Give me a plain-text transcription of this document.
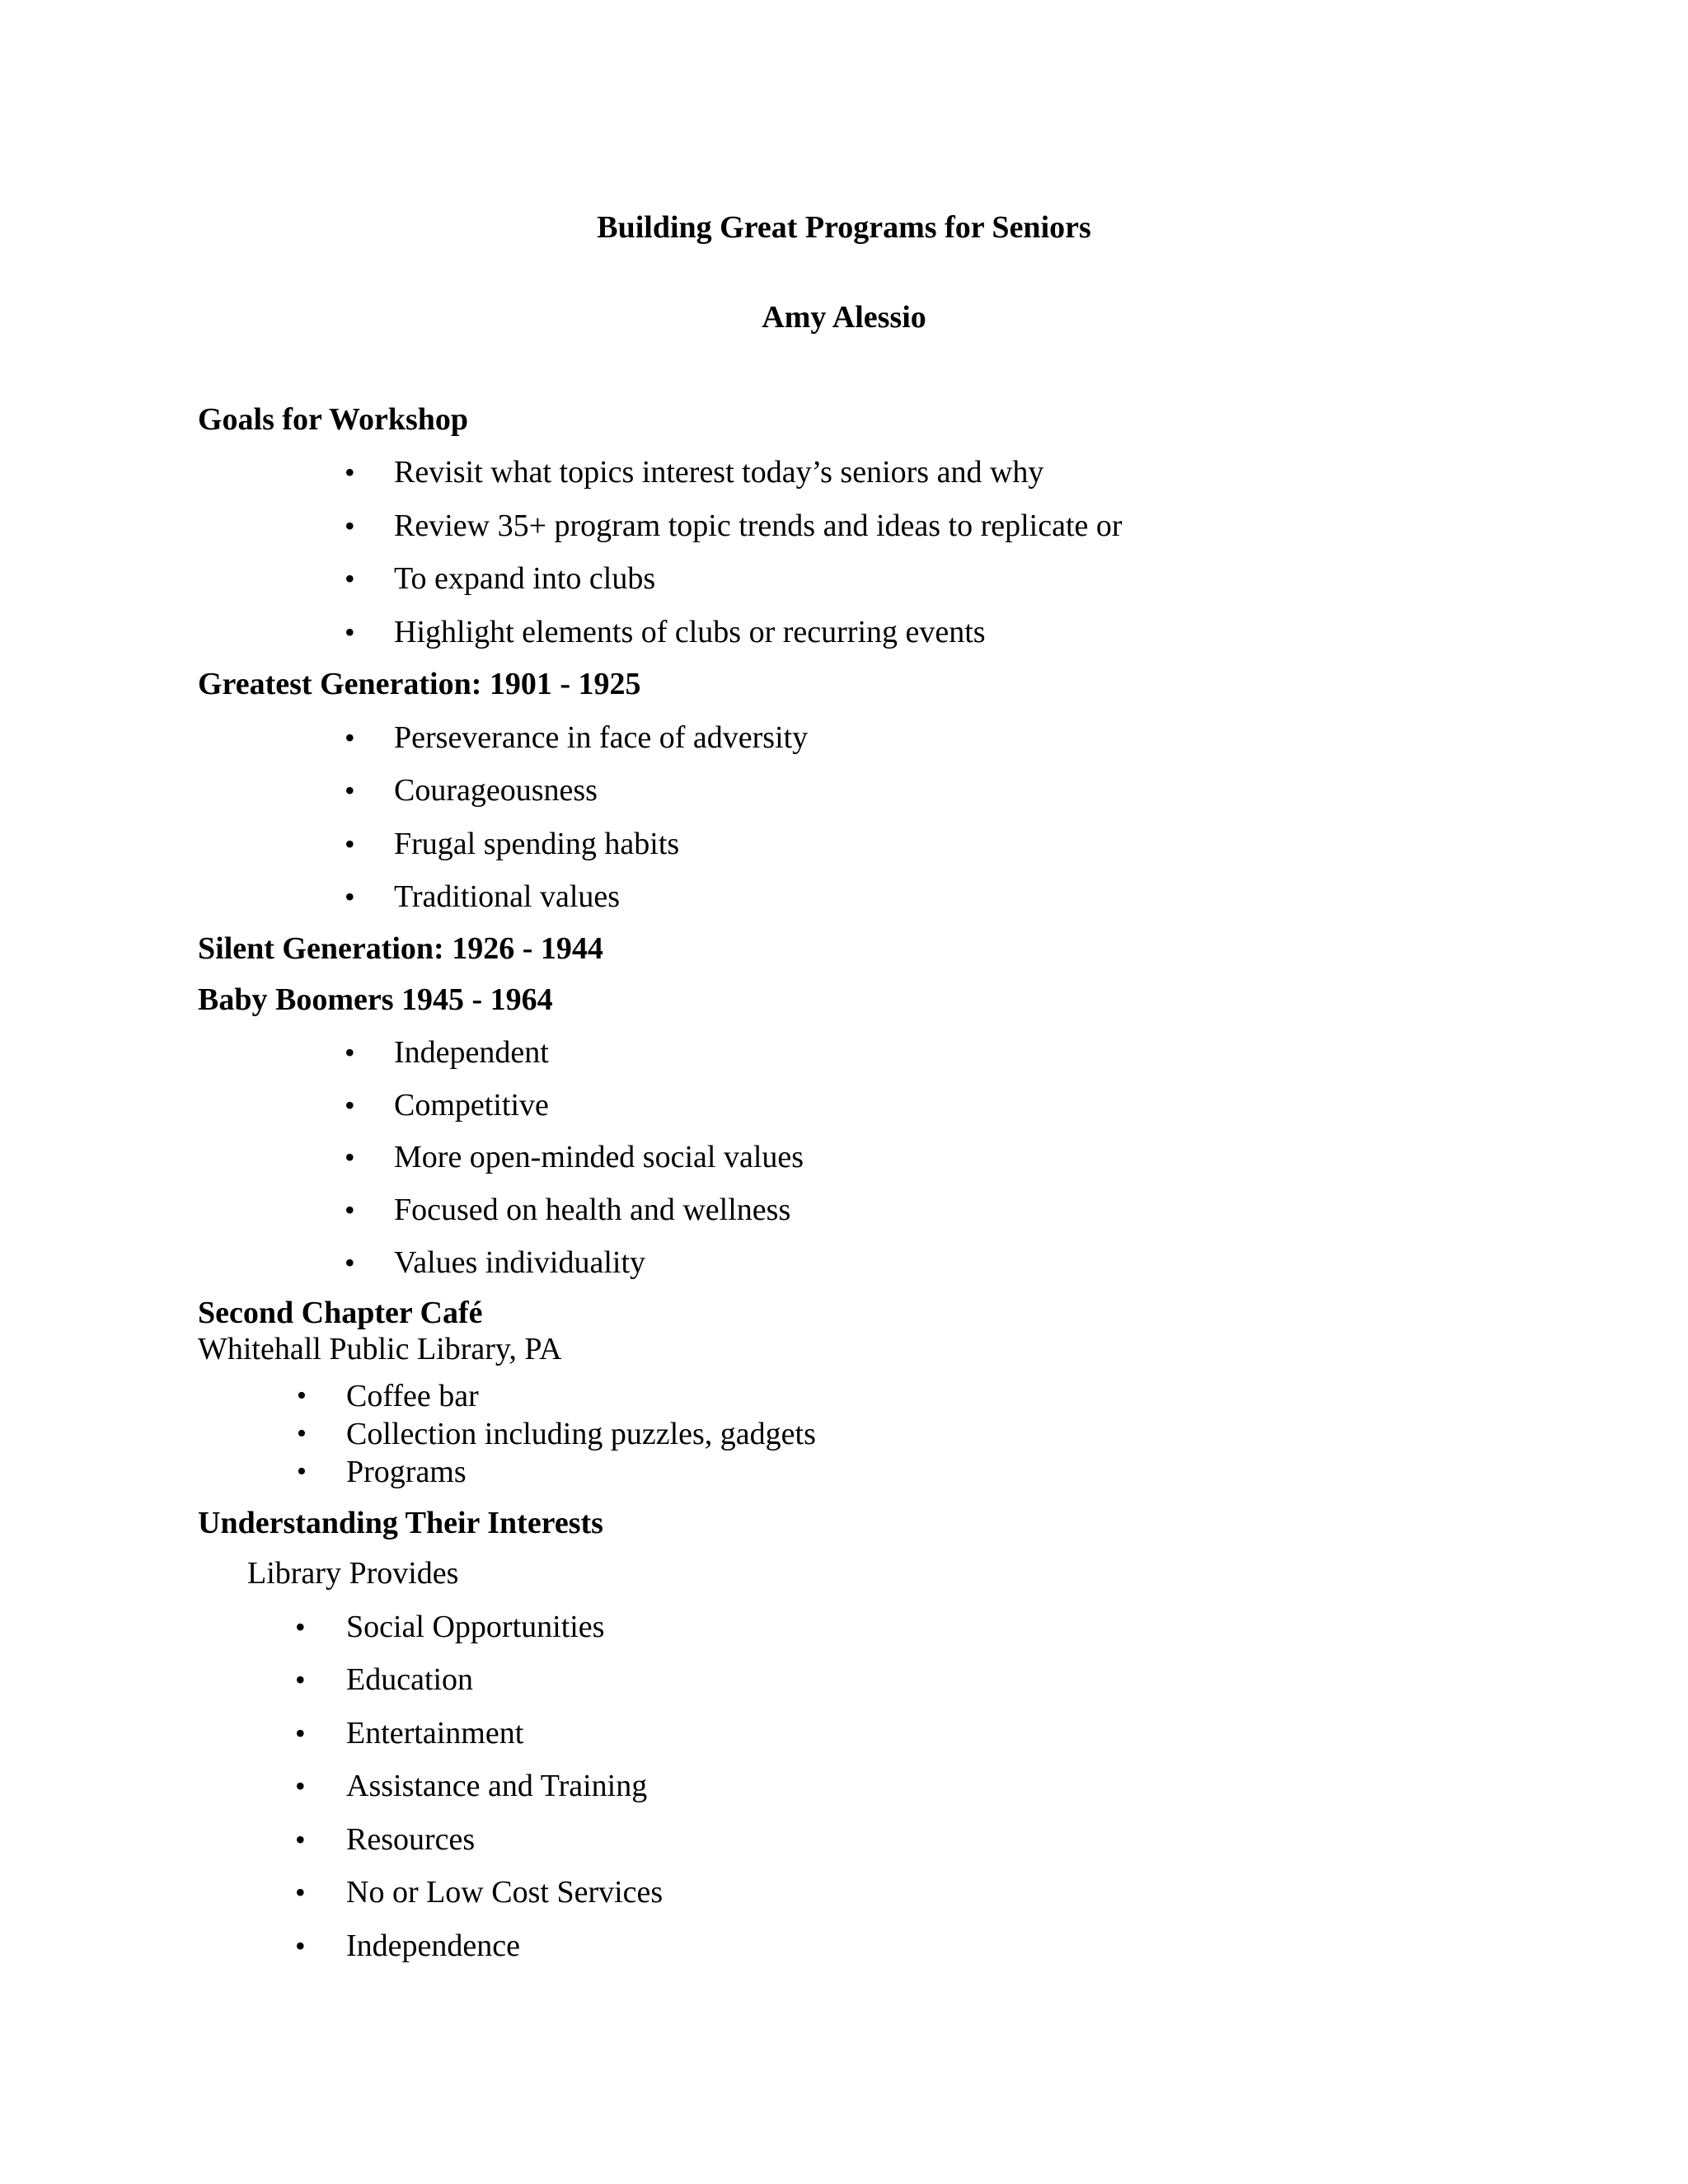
Building Great Programs for Seniors
Amy Alessio
Goals for Workshop
• Revisit what topics interest today’s seniors and why
• Review 35+ program topic trends and ideas to replicate or
• To expand into clubs
• Highlight elements of clubs or recurring events
Greatest Generation: 1901 - 1925
• Perseverance in face of adversity
• Courageousness
• Frugal spending habits
• Traditional values
Silent Generation: 1926 - 1944
Baby Boomers 1945 - 1964
• Independent
• Competitive
• More open-minded social values
• Focused on health and wellness
• Values individuality
Second Chapter Café
Whitehall Public Library, PA
• Coffee bar
• Collection including puzzles, gadgets
• Programs
Understanding Their Interests
Library Provides
• Social Opportunities
• Education
• Entertainment
• Assistance and Training
• Resources
• No or Low Cost Services
• Independence
